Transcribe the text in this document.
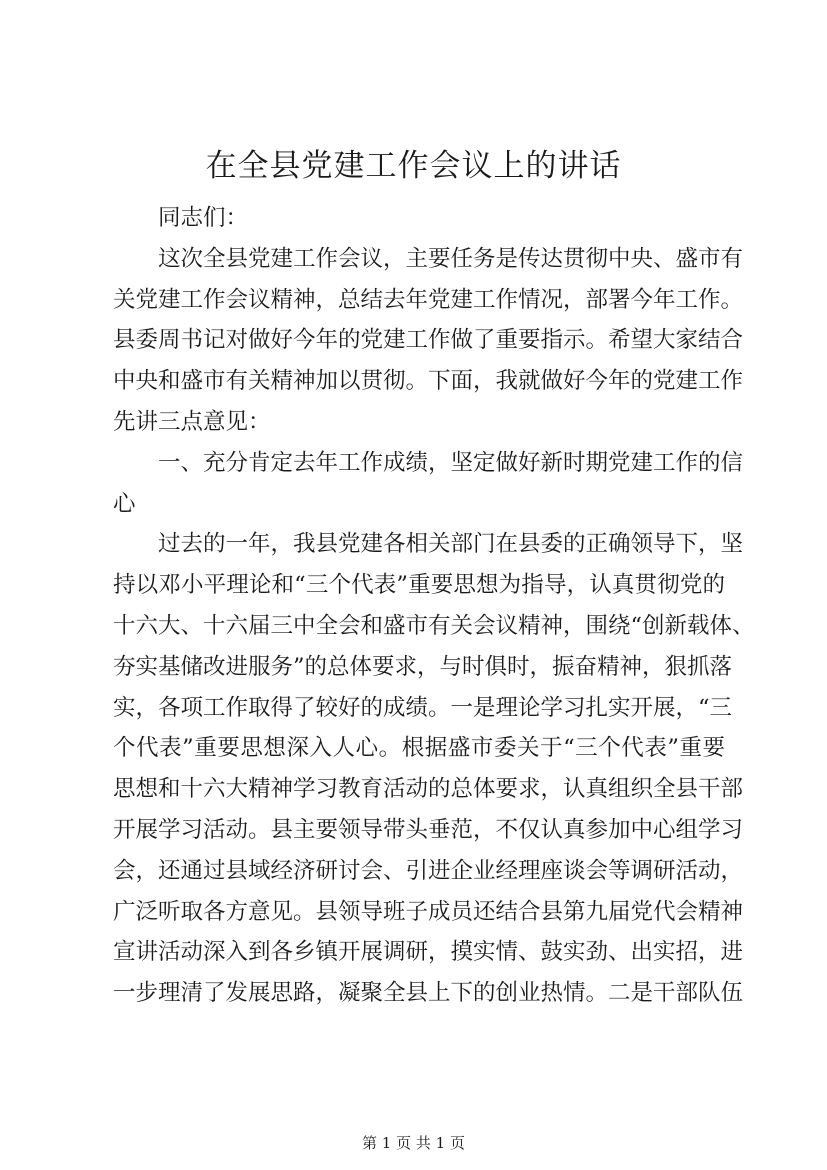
在全县党建工作会议上的讲话
同志们：
这次全县党建工作会议，主要任务是传达贯彻中央、盛市有
关党建工作会议精神，总结去年党建工作情况，部署今年工作。
县委周书记对做好今年的党建工作做了重要指示。希望大家结合
中央和盛市有关精神加以贯彻。下面，我就做好今年的党建工作
先讲三点意见：
一、充分肯定去年工作成绩，坚定做好新时期党建工作的信
心
过去的一年，我县党建各相关部门在县委的正确领导下，坚
持以邓小平理论和“三个代表”重要思想为指导，认真贯彻党的
十六大、十六届三中全会和盛市有关会议精神，围绕“创新载体、
夯实基储改进服务”的总体要求，与时俱时，振奋精神，狠抓落
实，各项工作取得了较好的成绩。一是理论学习扎实开展，“三
个代表”重要思想深入人心。根据盛市委关于“三个代表”重要
思想和十六大精神学习教育活动的总体要求，认真组织全县干部
开展学习活动。县主要领导带头垂范，不仅认真参加中心组学习
会，还通过县域经济研讨会、引进企业经理座谈会等调研活动，
广泛听取各方意见。县领导班子成员还结合县第九届党代会精神
宣讲活动深入到各乡镇开展调研，摸实情、鼓实劲、出实招，进
一步理清了发展思路，凝聚全县上下的创业热情。二是干部队伍
第 1 页 共 1 页
